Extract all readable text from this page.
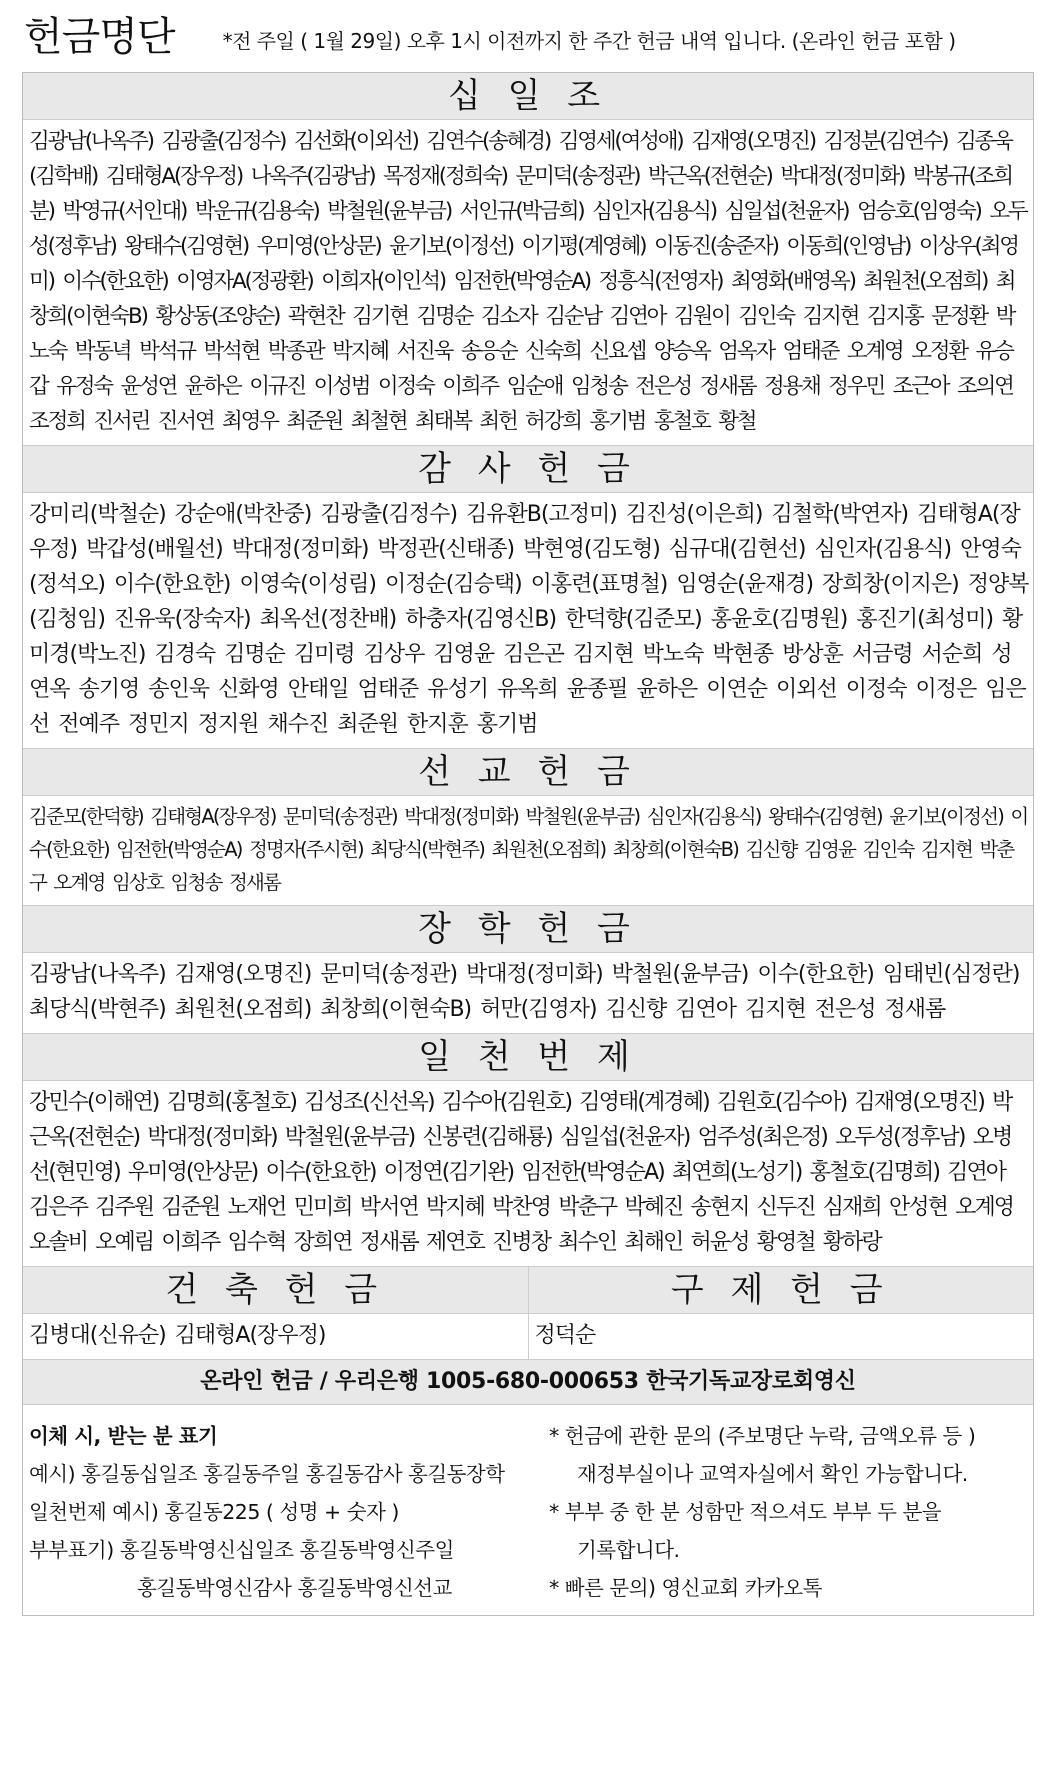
헌금명단 *전 주일 ( 1월 29일) 오후 1시 이전까지 한 주간 헌금 내역 입니다. (온라인 헌금 포함 )
십 일 조
김광남(나옥주) 김광출(김정수) 김선화(이외선) 김연수(송혜경) 김영세(여성애) 김재영(오명진) 김정분(김연수) 김종욱(김학배) 김태형A(장우정) 나옥주(김광남) 목정재(정희숙) 문미덕(송정관) 박근옥(전현순) 박대정(정미화) 박봉규(조희분) 박영규(서인대) 박운규(김용숙) 박철원(윤부금) 서인규(박금희) 심인자(김용식) 심일섭(천윤자) 엄승호(임영숙) 오두성(정후남) 왕태수(김영현) 우미영(안상문) 윤기보(이정선) 이기평(계영혜) 이동진(송준자) 이동희(인영남) 이상우(최영미) 이수(한요한) 이영자A(정광환) 이희자(이인석) 임전한(박영순A) 정흥식(전영자) 최영화(배영옥) 최원천(오점희) 최창희(이현숙B) 황상동(조양순) 곽현찬 김기현 김명순 김소자 김순남 김연아 김원이 김인숙 김지현 김지홍 문정환 박노숙 박동녁 박석규 박석현 박종관 박지혜 서진욱 송응순 신숙희 신요셉 양승옥 엄옥자 엄태준 오계영 오정환 유승갑 유정숙 윤성연 윤하은 이규진 이성범 이정숙 이희주 임순애 임청송 전은성 정새롬 정용채 정우민 조근아 조의연 조정희 진서린 진서연 최영우 최준원 최철현 최태복 최헌 허강희 홍기범 홍철호 황철
감 사 헌 금
강미리(박철순) 강순애(박찬중) 김광출(김정수) 김유환B(고정미) 김진성(이은희) 김철학(박연자) 김태형A(장우정) 박갑성(배월선) 박대정(정미화) 박정관(신태종) 박현영(김도형) 심규대(김현선) 심인자(김용식) 안영숙(정석오) 이수(한요한) 이영숙(이성림) 이정순(김승택) 이홍련(표명철) 임영순(윤재경) 장희창(이지은) 정양복(김청임) 진유욱(장숙자) 최옥선(정찬배) 하충자(김영신B) 한덕향(김준모) 홍윤호(김명원) 홍진기(최성미) 황미경(박노진) 김경숙 김명순 김미령 김상우 김영윤 김은곤 김지현 박노숙 박현종 방상훈 서금령 서순희 성연옥 송기영 송인욱 신화영 안태일 엄태준 유성기 유옥희 윤종필 윤하은 이연순 이외선 이정숙 이정은 임은선 전예주 정민지 정지원 채수진 최준원 한지훈 홍기범
선 교 헌 금
김준모(한덕향) 김태형A(장우정) 문미덕(송정관) 박대정(정미화) 박철원(윤부금) 심인자(김용식) 왕태수(김영현) 윤기보(이정선) 이수(한요한) 임전한(박영순A) 정명자(주시현) 최당식(박현주) 최원천(오점희) 최창희(이현숙B) 김신향 김영윤 김인숙 김지현 박춘구 오계영 임상호 임청송 정새롬
장 학 헌 금
김광남(나옥주) 김재영(오명진) 문미덕(송정관) 박대정(정미화) 박철원(윤부금) 이수(한요한) 임태빈(심정란) 최당식(박현주) 최원천(오점희) 최창희(이현숙B) 허만(김영자) 김신향 김연아 김지현 전은성 정새롬
일 천 번 제
강민수(이해연) 김명희(홍철호) 김성조(신선옥) 김수아(김원호) 김영태(계경혜) 김원호(김수아) 김재영(오명진) 박근옥(전현순) 박대정(정미화) 박철원(윤부금) 신봉련(김해룡) 심일섭(천윤자) 엄주성(최은정) 오두성(정후남) 오병선(현민영) 우미영(안상문) 이수(한요한) 이정연(김기완) 임전한(박영순A) 최연희(노성기) 홍철호(김명희) 김연아 김은주 김주원 김준원 노재언 민미희 박서연 박지혜 박찬영 박춘구 박혜진 송현지 신두진 심재희 안성현 오계영 오솔비 오예림 이희주 임수혁 장희연 정새롬 제연호 진병창 최수인 최해인 허윤성 황영철 황하랑
건 축 헌 금
김병대(신유순) 김태형A(장우정)
구 제 헌 금
정덕순
온라인 헌금 / 우리은행 1005-680-000653 한국기독교장로회영신
이체 시, 받는 분 표기
예시) 홍길동십일조 홍길동주일 홍길동감사 홍길동장학
일천번제 예시) 홍길동225 ( 성명 + 숫자 )
부부표기) 홍길동박영신십일조 홍길동박영신주일
홍길동박영신감사 홍길동박영신선교
* 헌금에 관한 문의 (주보명단 누락, 금액오류 등 )
재정부실이나 교역자실에서 확인 가능합니다.
* 부부 중 한 분 성함만 적으셔도 부부 두 분을
기록합니다.
* 빠른 문의) 영신교회 카카오톡
